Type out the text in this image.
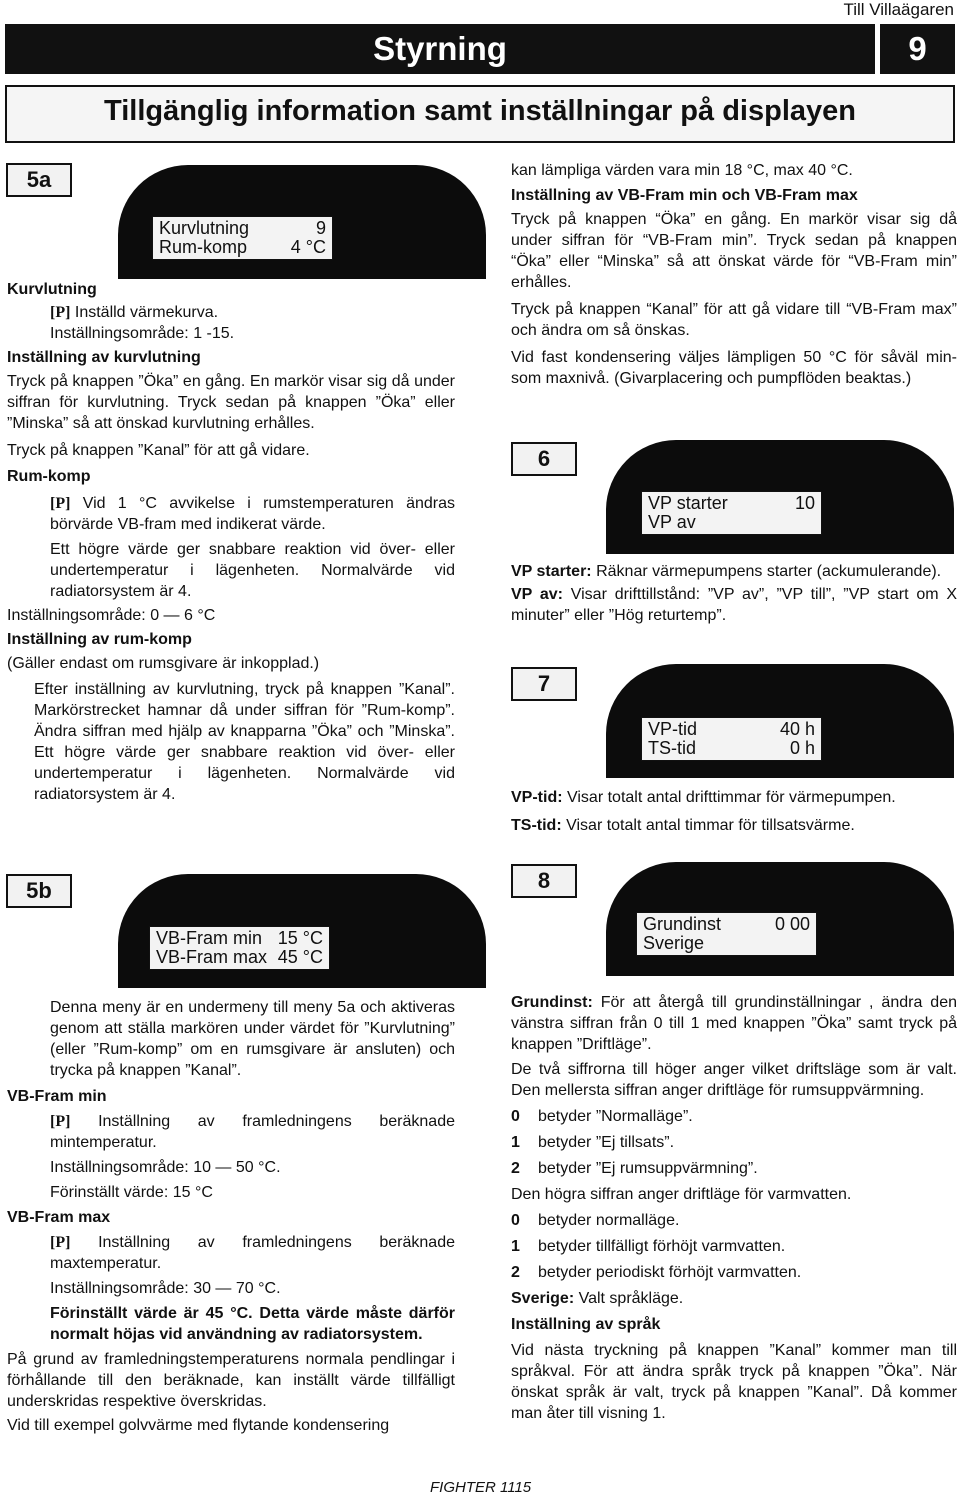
Till Villaägaren
Styrning	9
Tillgänglig information samt inställningar på displayen
5a
Kurvlutning	9
Rum-komp 4 °C

Kurvlutning

[P] Inställd värmekurva.

Inställningsområde: 1 -15.

Inställning av kurvlutning

Tryck på knappen ”Öka” en gång. En markör visar sig då under siffran för kurvlutning. Tryck sedan på knappen ”Öka” eller ”Minska” så att önskad kurvlutning erhålles.

Tryck på knappen ”Kanal” för att gå vidare.

Rum-komp

[P] Vid 1 °C avvikelse i rumstemperaturen ändras börvärde VB-fram med indikerat värde.

Ett högre värde ger snabbare reaktion vid över- eller undertemperatur i lägenheten. Normalvärde vid radiatorsystem är 4.

Inställningsområde: 0 — 6 °C

Inställning av rum-komp

(Gäller endast om rumsgivare är inkopplad.)

Efter inställning av kurvlutning, tryck på knappen ”Kanal”. Markörstrecket hamnar då under siffran för ”Rum-komp”. Ändra siffran med hjälp av knapparna ”Öka” och ”Minska”. Ett högre värde ger snabbare reaktion vid över- eller undertemperatur i lägenheten. Normalvärde vid radiatorsystem är 4.

kan lämpliga värden vara min 18 °C, max 40 °C.

Inställning av VB-Fram min och VB-Fram max

Tryck på knappen “Öka” en gång. En markör visar sig då under siffran för “VB-Fram min”. Tryck sedan på knappen “Öka” eller “Minska” så att önskat värde för “VB-Fram min” erhålles.

Tryck på knappen “Kanal” för att gå vidare till “VB-Fram max” och ändra om så önskas.

Vid fast kondensering väljes lämpligen 50 °C för såväl min- som maxnivå. (Givarplacering och pumpflöden beaktas.)

6
VP starter	10
VP av

VP starter: Räknar värmepumpens starter (ackumulerande).

VP av: Visar drifttillstånd: ”VP av”, ”VP till”, ”VP start om X minuter” eller ”Hög returtemp”.

7
VP-tid	40 h
TS-tid	0 h

VP-tid: Visar totalt antal drifttimmar för värmepumpen.

TS-tid: Visar totalt antal timmar för tillsatsvärme.

5b
VB-Fram min 15 °C
VB-Fram max 45 °C

Denna meny är en undermeny till meny 5a och aktiveras genom att ställa markören under värdet för ”Kurvlutning” (eller ”Rum-komp” om en rumsgivare är ansluten) och trycka på knappen ”Kanal”.

VB-Fram min

[P] Inställning av framledningens beräknade mintemperatur.

Inställningsområde: 10 — 50 °C.

Förinställt värde: 15 °C

VB-Fram max

[P] Inställning av framledningens beräknade maxtemperatur.

Inställningsområde: 30 — 70 °C.

Förinställt värde är 45 °C. Detta värde måste därför normalt höjas vid användning av radiatorsystem.

På grund av framledningstemperaturens normala pendlingar i förhållande till den beräknade, kan inställt värde tillfälligt underskridas respektive överskridas.

Vid till exempel golvvärme med flytande kondensering

8
Grundinst	0 00
Sverige

Grundinst: För att återgå till grundinställningar , ändra den vänstra siffran från 0 till 1 med knappen ”Öka” samt tryck på knappen ”Driftläge”.

De två siffrorna till höger anger vilket driftsläge som är valt. Den mellersta siffran anger driftläge för rumsuppvärmning.

0 betyder ”Normalläge”.

1 betyder ”Ej tillsats”.

2 betyder ”Ej rumsuppvärmning”.

Den högra siffran anger driftläge för varmvatten.

0 betyder normalläge.

1 betyder tillfälligt förhöjt varmvatten.

2 betyder periodiskt förhöjt varmvatten.

Sverige: Valt språkläge.

Inställning av språk

Vid nästa tryckning på knappen ”Kanal” kommer man till språkval. För att ändra språk tryck på knappen ”Öka”. När önskat språk är valt, tryck på knappen ”Kanal”. Då kommer man åter till visning 1.

FIGHTER 1115
